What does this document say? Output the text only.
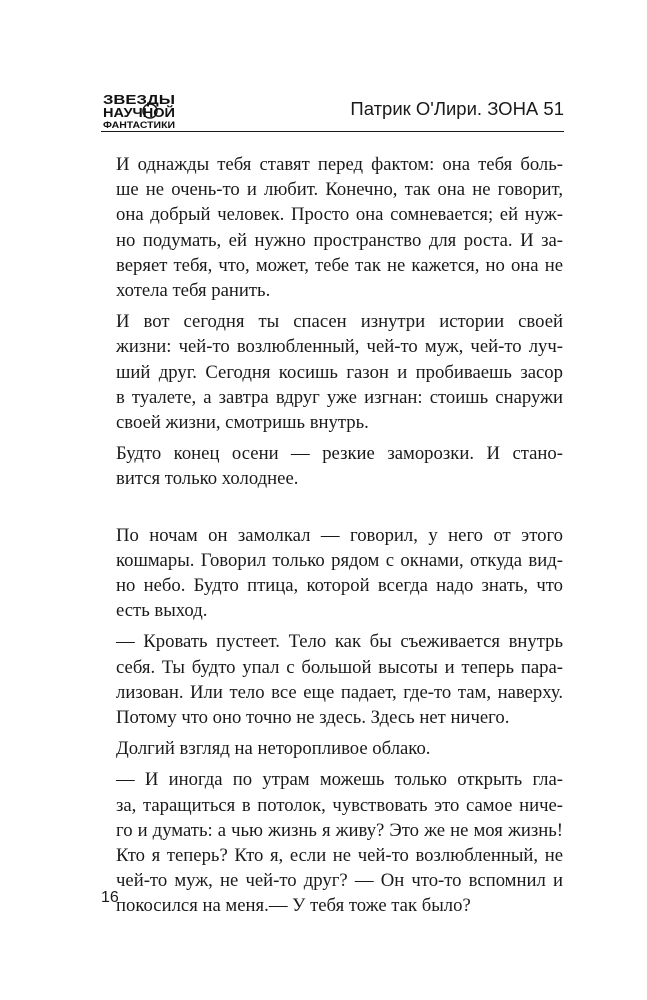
ЗВЕЗДЫ
НАУЧНОЙ
ФАНТАСТИКИ
Патрик О'Лири. ЗОНА 51
И однажды тебя ставят перед фактом: она тебя боль-
ше не очень-то и любит. Конечно, так она не говорит,
она добрый человек. Просто она сомневается; ей нуж-
но подумать, ей нужно пространство для роста. И за-
веряет тебя, что, может, тебе так не кажется, но она не
хотела тебя ранить.
И вот сегодня ты спасен изнутри истории своей
жизни: чей-то возлюбленный, чей-то муж, чей-то луч-
ший друг. Сегодня косишь газон и пробиваешь засор
в туалете, а завтра вдруг уже изгнан: стоишь снаружи
своей жизни, смотришь внутрь.
Будто конец осени — резкие заморозки. И стано-
вится только холоднее.
По ночам он замолкал — говорил, у него от этого
кошмары. Говорил только рядом с окнами, откуда вид-
но небо. Будто птица, которой всегда надо знать, что
есть выход.
— Кровать пустеет. Тело как бы съеживается внутрь
себя. Ты будто упал с большой высоты и теперь пара-
лизован. Или тело все еще падает, где-то там, наверху.
Потому что оно точно не здесь. Здесь нет ничего.
Долгий взгляд на неторопливое облако.
— И иногда по утрам можешь только открыть гла-
за, таращиться в потолок, чувствовать это самое ниче-
го и думать: а чью жизнь я живу? Это же не моя жизнь!
Кто я теперь? Кто я, если не чей-то возлюбленный, не
чей-то муж, не чей-то друг? — Он что-то вспомнил и
покосился на меня.— У тебя тоже так было?
16
